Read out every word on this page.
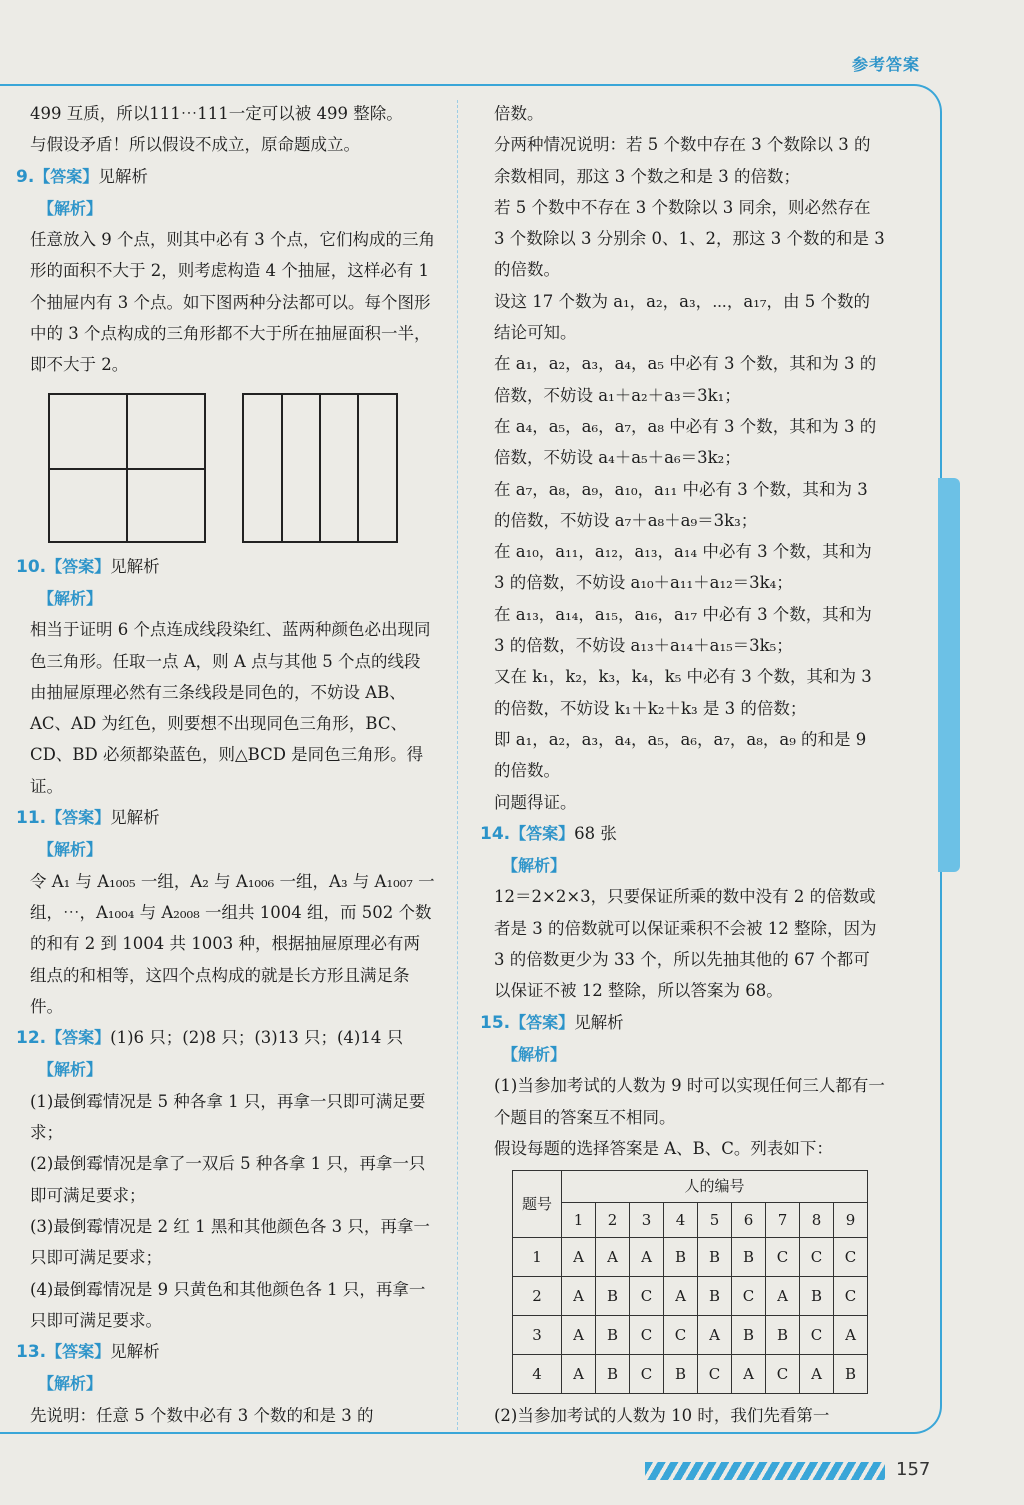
参考答案

499 互质，所以111⋯111一定可以被 499 整除。

与假设矛盾！所以假设不成立，原命题成立。

9.【答案】见解析

【解析】

任意放入 9 个点，则其中必有 3 个点，它们构成的三角形的面积不大于 2，则考虑构造 4 个抽屉，这样必有 1 个抽屉内有 3 个点。如下图两种分法都可以。每个图形中的 3 个点构成的三角形都不大于所在抽屉面积一半，即不大于 2。

10.【答案】见解析

【解析】

相当于证明 6 个点连成线段染红、蓝两种颜色必出现同色三角形。任取一点 A，则 A 点与其他 5 个点的线段由抽屉原理必然有三条线段是同色的，不妨设 AB、AC、AD 为红色，则要想不出现同色三角形，BC、CD、BD 必须都染蓝色，则△BCD 是同色三角形。得证。

11.【答案】见解析

【解析】

令 A₁ 与 A₁₀₀₅ 一组，A₂ 与 A₁₀₀₆ 一组，A₃ 与 A₁₀₀₇ 一组，⋯，A₁₀₀₄ 与 A₂₀₀₈ 一组共 1004 组，而 502 个数的和有 2 到 1004 共 1003 种，根据抽屉原理必有两组点的和相等，这四个点构成的就是长方形且满足条件。

12.【答案】(1)6 只；(2)8 只；(3)13 只；(4)14 只

【解析】

(1)最倒霉情况是 5 种各拿 1 只，再拿一只即可满足要求；

(2)最倒霉情况是拿了一双后 5 种各拿 1 只，再拿一只即可满足要求；

(3)最倒霉情况是 2 红 1 黑和其他颜色各 3 只，再拿一只即可满足要求；

(4)最倒霉情况是 9 只黄色和其他颜色各 1 只，再拿一只即可满足要求。

13.【答案】见解析

【解析】

先说明：任意 5 个数中必有 3 个数的和是 3 的

倍数。

分两种情况说明：若 5 个数中存在 3 个数除以 3 的余数相同，那这 3 个数之和是 3 的倍数；

若 5 个数中不存在 3 个数除以 3 同余，则必然存在 3 个数除以 3 分别余 0、1、2，那这 3 个数的和是 3 的倍数。

设这 17 个数为 a₁，a₂，a₃，⋯，a₁₇，由 5 个数的结论可知。

在 a₁，a₂，a₃，a₄，a₅ 中必有 3 个数，其和为 3 的倍数，不妨设 a₁＋a₂＋a₃＝3k₁；

在 a₄，a₅，a₆，a₇，a₈ 中必有 3 个数，其和为 3 的倍数，不妨设 a₄＋a₅＋a₆＝3k₂；

在 a₇，a₈，a₉，a₁₀，a₁₁ 中必有 3 个数，其和为 3 的倍数，不妨设 a₇＋a₈＋a₉＝3k₃；

在 a₁₀，a₁₁，a₁₂，a₁₃，a₁₄ 中必有 3 个数，其和为 3 的倍数，不妨设 a₁₀＋a₁₁＋a₁₂＝3k₄；

在 a₁₃，a₁₄，a₁₅，a₁₆，a₁₇ 中必有 3 个数，其和为 3 的倍数，不妨设 a₁₃＋a₁₄＋a₁₅＝3k₅；

又在 k₁，k₂，k₃，k₄，k₅ 中必有 3 个数，其和为 3 的倍数，不妨设 k₁＋k₂＋k₃ 是 3 的倍数；

即 a₁，a₂，a₃，a₄，a₅，a₆，a₇，a₈，a₉ 的和是 9 的倍数。

问题得证。

14.【答案】68 张

【解析】

12＝2×2×3，只要保证所乘的数中没有 2 的倍数或者是 3 的倍数就可以保证乘积不会被 12 整除，因为 3 的倍数更少为 33 个，所以先抽其他的 67 个都可以保证不被 12 整除，所以答案为 68。

15.【答案】见解析

【解析】

(1)当参加考试的人数为 9 时可以实现任何三人都有一个题目的答案互不相同。

假设每题的选择答案是 A、B、C。列表如下：

题号	人的编号								
	1	2	3	4	5	6	7	8	9
1	A	A	A	B	B	B	C	C	C
2	A	B	C	A	B	C	A	B	C
3	A	B	C	C	A	B	B	C	A
4	A	B	C	B	C	A	C	A	B

(2)当参加考试的人数为 10 时，我们先看第一

157
